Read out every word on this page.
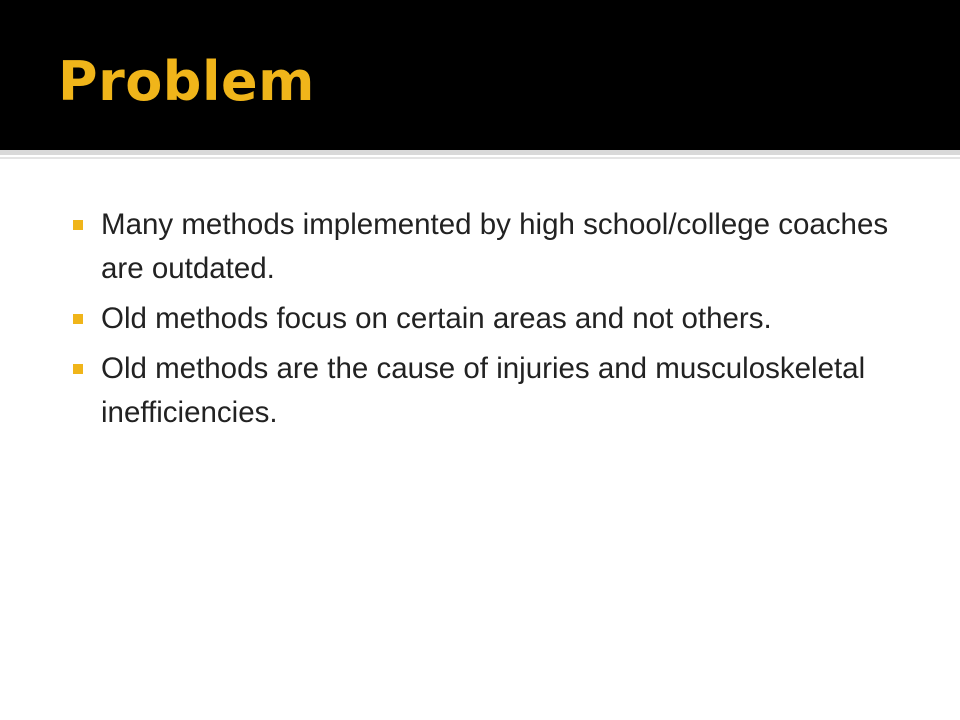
Problem
Many methods implemented by high school/college coaches are outdated.
Old methods focus on certain areas and not others.
Old methods are the cause of injuries and musculoskeletal inefficiencies.
